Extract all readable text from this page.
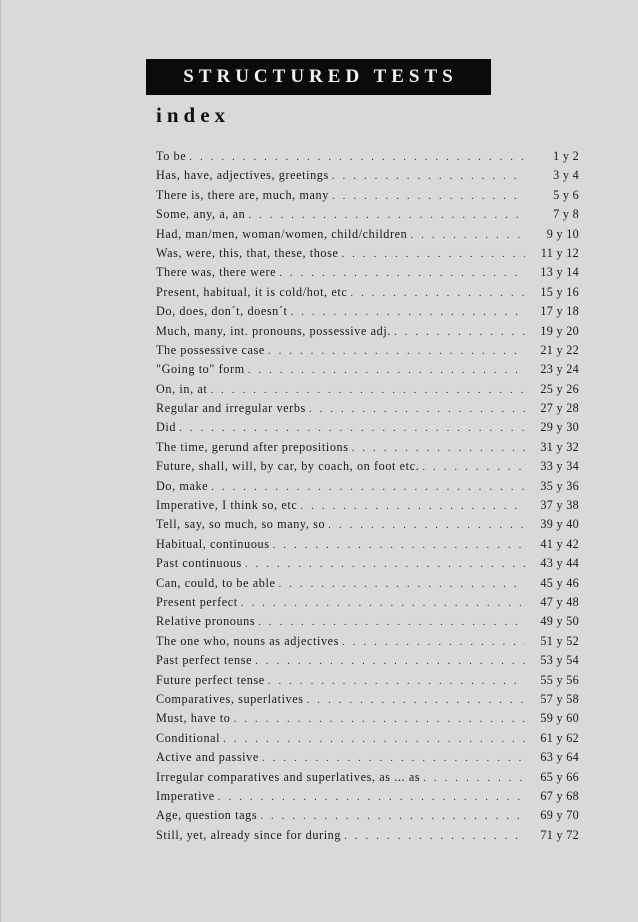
STRUCTURED TESTS
index
To be . . .	1 y 2
Has, have, adjectives, greetings . . .	3 y 4
There is, there are, much, many . . .	5 y 6
Some, any, a, an . . .	7 y 8
Had, man/men, woman/women, child/children . . .	9 y 10
Was, were, this, that, these, those . . .	11 y 12
There was, there were . . .	13 y 14
Present, habitual, it is cold/hot, etc . . .	15 y 16
Do, does, don´t, doesn´t . . .	17 y 18
Much, many, int. pronouns, possessive adj. . . .	19 y 20
The possessive case . . .	21 y 22
"Going to" form . . .	23 y 24
On, in, at . . .	25 y 26
Regular and irregular verbs . . .	27 y 28
Did . . .	29 y 30
The time, gerund after prepositions . . .	31 y 32
Future, shall, will, by car, by coach, on foot etc. . . .	33 y 34
Do, make . . .	35 y 36
Imperative, I think so, etc . . .	37 y 38
Tell, say, so much, so many, so . . .	39 y 40
Habitual, continuous . . .	41 y 42
Past continuous . . .	43 y 44
Can, could, to be able . . .	45 y 46
Present perfect . . .	47 y 48
Relative pronouns . . .	49 y 50
The one who, nouns as adjectives . . .	51 y 52
Past perfect tense . . .	53 y 54
Future perfect tense . . .	55 y 56
Comparatives, superlatives . . .	57 y 58
Must, have to . . .	59 y 60
Conditional . . .	61 y 62
Active and passive . . .	63 y 64
Irregular comparatives and superlatives, as ... as . . .	65 y 66
Imperative . . .	67 y 68
Age, question tags . . .	69 y 70
Still, yet, already since for during . . .	71 y 72
